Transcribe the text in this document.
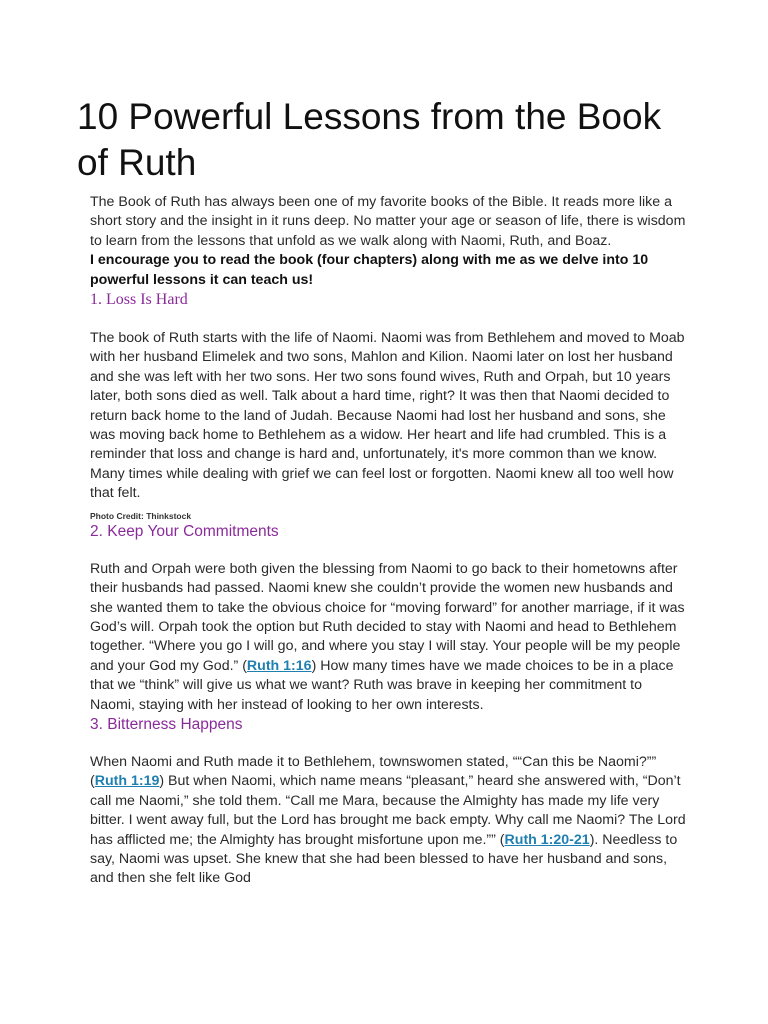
10 Powerful Lessons from the Book of Ruth

The Book of Ruth has always been one of my favorite books of the Bible. It reads more like a short story and the insight in it runs deep. No matter your age or season of life, there is wisdom to learn from the lessons that unfold as we walk along with Naomi, Ruth, and Boaz.

I encourage you to read the book (four chapters) along with me as we delve into 10 powerful lessons it can teach us!

1. Loss Is Hard

The book of Ruth starts with the life of Naomi. Naomi was from Bethlehem and moved to Moab with her husband Elimelek and two sons, Mahlon and Kilion. Naomi later on lost her husband and she was left with her two sons. Her two sons found wives, Ruth and Orpah, but 10 years later, both sons died as well. Talk about a hard time, right? It was then that Naomi decided to return back home to the land of Judah. Because Naomi had lost her husband and sons, she was moving back home to Bethlehem as a widow. Her heart and life had crumbled. This is a reminder that loss and change is hard and, unfortunately, it's more common than we know. Many times while dealing with grief we can feel lost or forgotten. Naomi knew all too well how that felt.

Photo Credit: Thinkstock

2. Keep Your Commitments

Ruth and Orpah were both given the blessing from Naomi to go back to their hometowns after their husbands had passed. Naomi knew she couldn’t provide the women new husbands and she wanted them to take the obvious choice for “moving forward” for another marriage, if it was God’s will. Orpah took the option but Ruth decided to stay with Naomi and head to Bethlehem together. “Where you go I will go, and where you stay I will stay. Your people will be my people and your God my God.” (Ruth 1:16) How many times have we made choices to be in a place that we “think” will give us what we want? Ruth was brave in keeping her commitment to Naomi, staying with her instead of looking to her own interests.

3. Bitterness Happens

When Naomi and Ruth made it to Bethlehem, townswomen stated, ““Can this be Naomi?”” (Ruth 1:19) But when Naomi, which name means “pleasant,” heard she answered with, “Don’t call me Naomi,” she told them. “Call me Mara, because the Almighty has made my life very bitter. I went away full, but the Lord has brought me back empty. Why call me Naomi? The Lord has afflicted me; the Almighty has brought misfortune upon me.”” (Ruth 1:20-21). Needless to say, Naomi was upset. She knew that she had been blessed to have her husband and sons, and then she felt like God
